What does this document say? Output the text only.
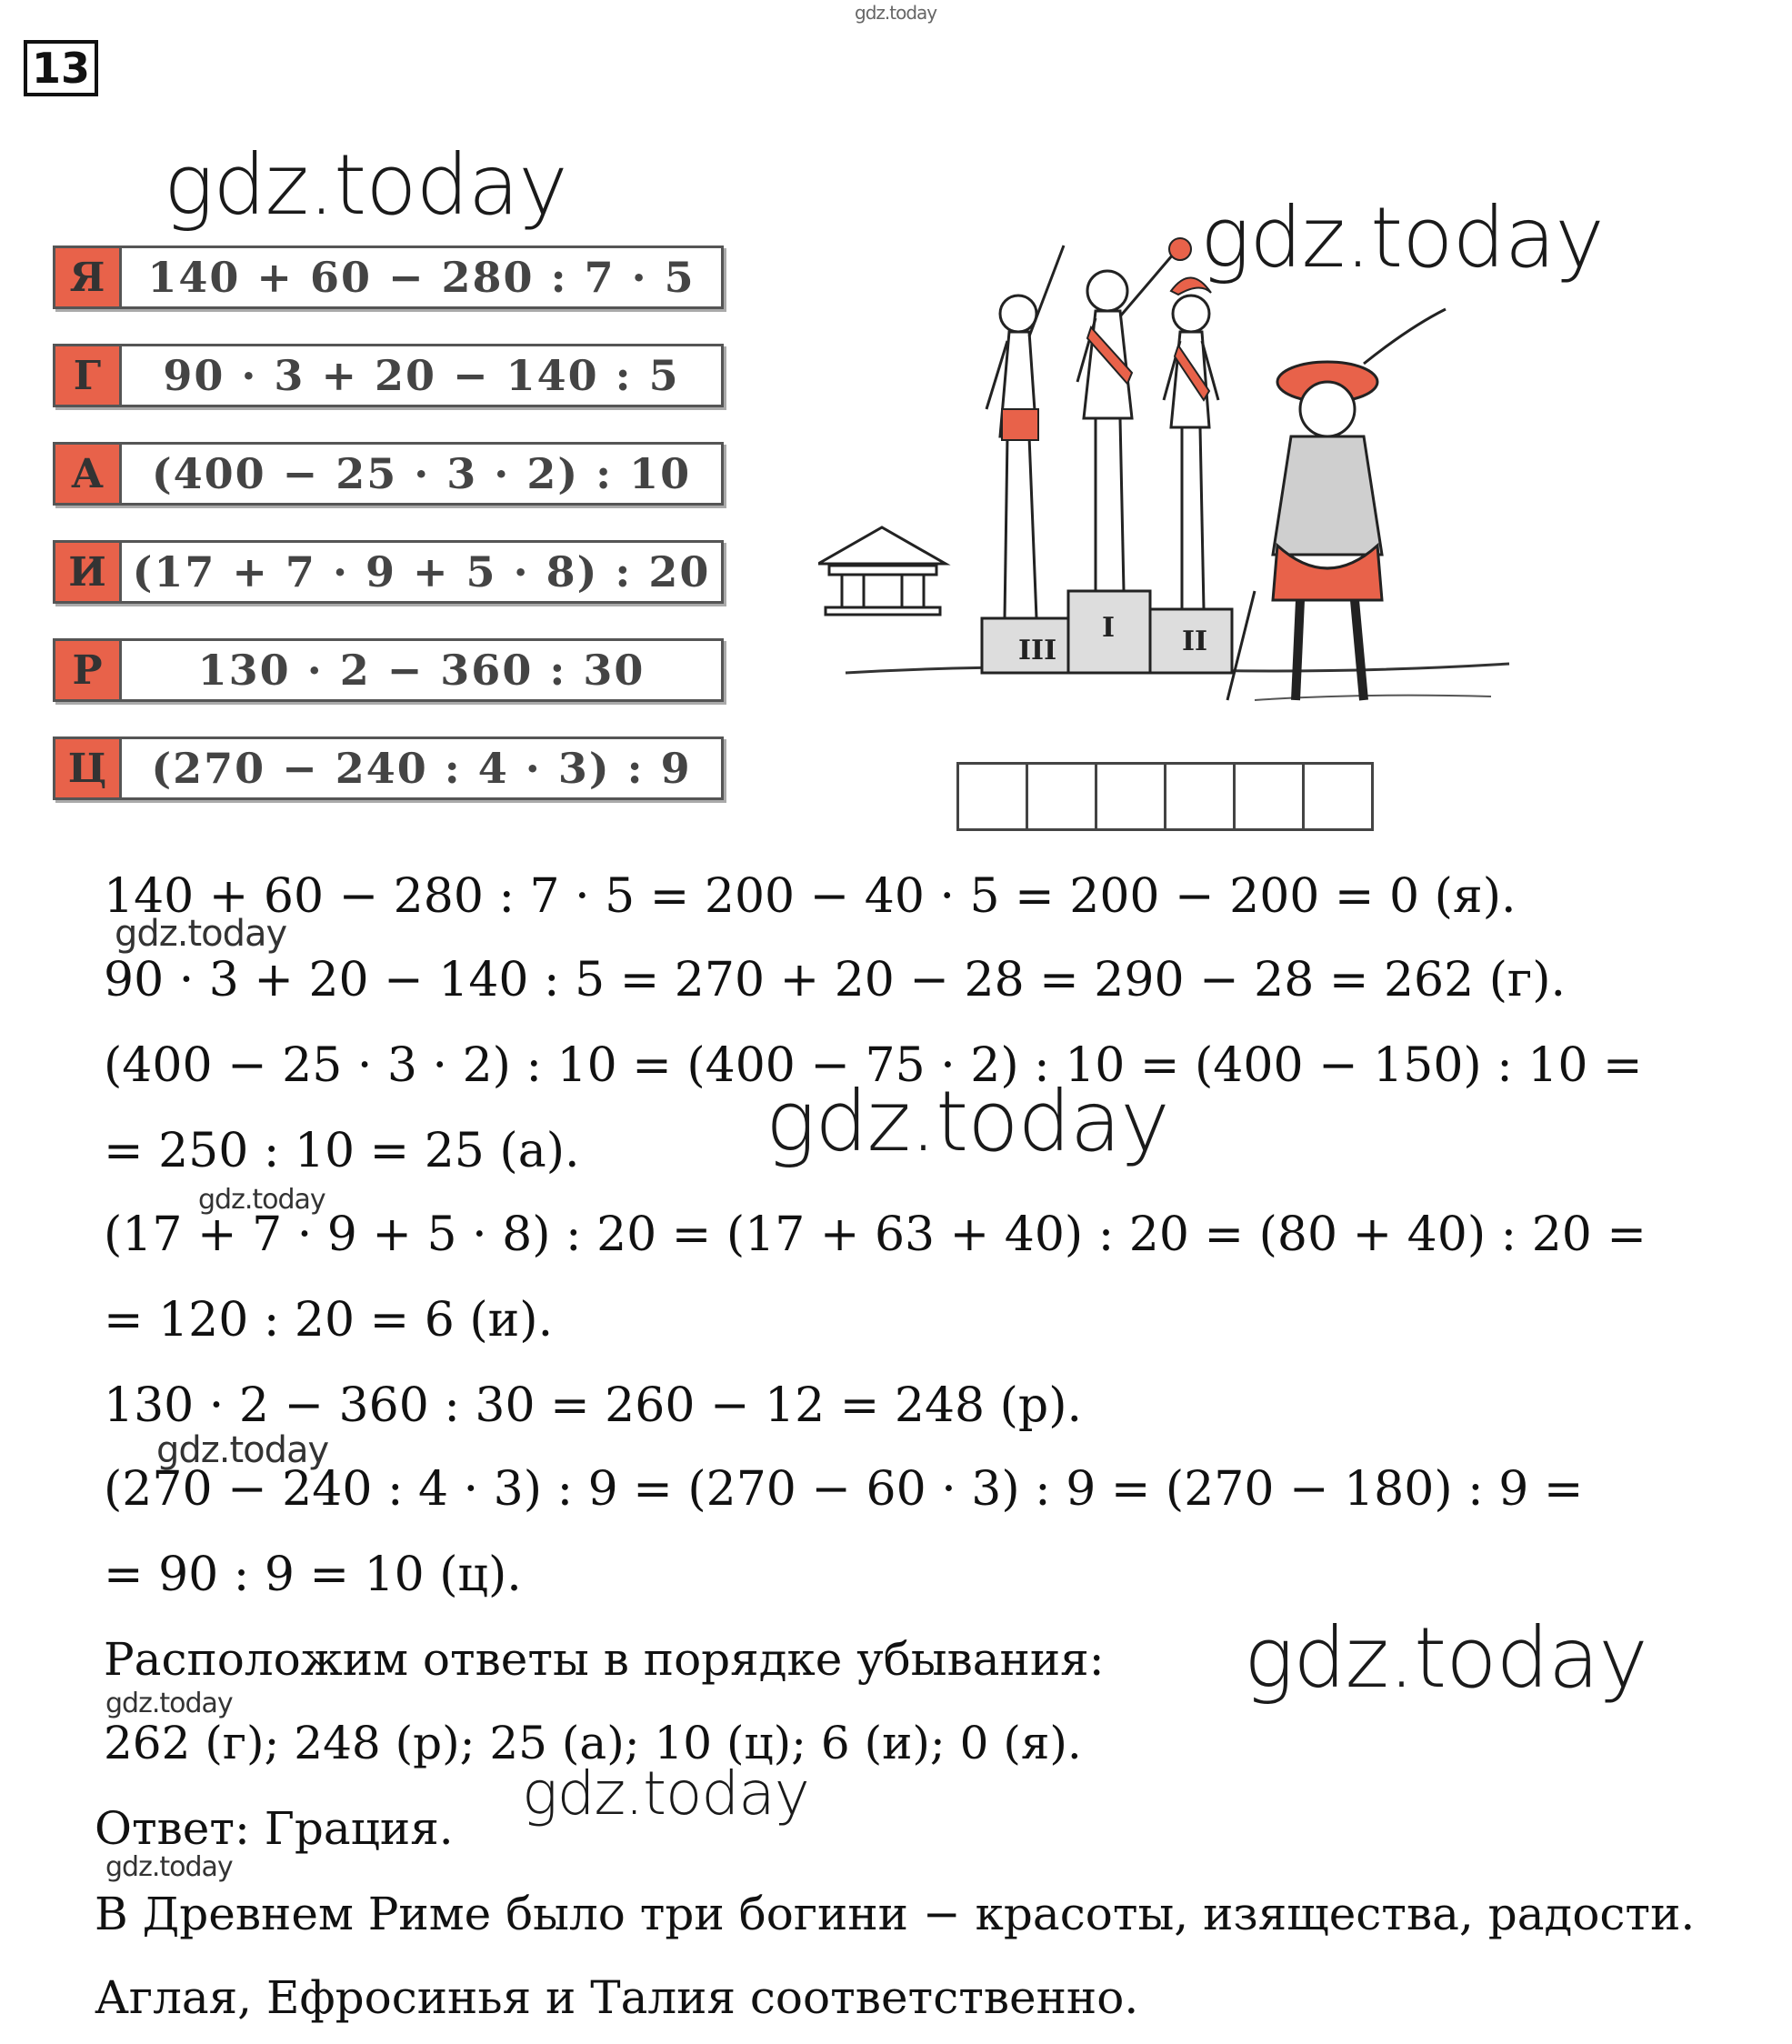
gdz.today
gdz.today
gdz.today
gdz.today
gdz.today
gdz.today
gdz.today
gdz.today
gdz.today
gdz.today
gdz.today
13
Я	140 + 60 − 280 : 7 · 5
Г	90 · 3 + 20 − 140 : 5
А	(400 − 25 · 3 · 2) : 10
И (17 + 7 · 9 + 5 · 8) : 20
Р	130 · 2 − 360 : 30
Ц	(270 − 240 : 4 · 3) : 9
III
I II
140 + 60 − 280 : 7 · 5 = 200 − 40 · 5 = 200 − 200 = 0 (я).
90 · 3 + 20 − 140 : 5 = 270 + 20 − 28 = 290 − 28 = 262 (г).
(400 − 25 · 3 · 2) : 10 = (400 − 75 · 2) : 10 = (400 − 150) : 10 =
= 250 : 10 = 25 (а).
(17 + 7 · 9 + 5 · 8) : 20 = (17 + 63 + 40) : 20 = (80 + 40) : 20 =
= 120 : 20 = 6 (и).
130 · 2 − 360 : 30 = 260 − 12 = 248 (р).
(270 − 240 : 4 · 3) : 9 = (270 − 60 · 3) : 9 = (270 − 180) : 9 =
= 90 : 9 = 10 (ц).
Расположим ответы в порядке убывания:
262 (г); 248 (р); 25 (а); 10 (ц); 6 (и); 0 (я).
Ответ: Грация.
В Древнем Риме было три богини − красоты, изящества, радости.
Аглая, Ефросинья и Талия соответственно.
